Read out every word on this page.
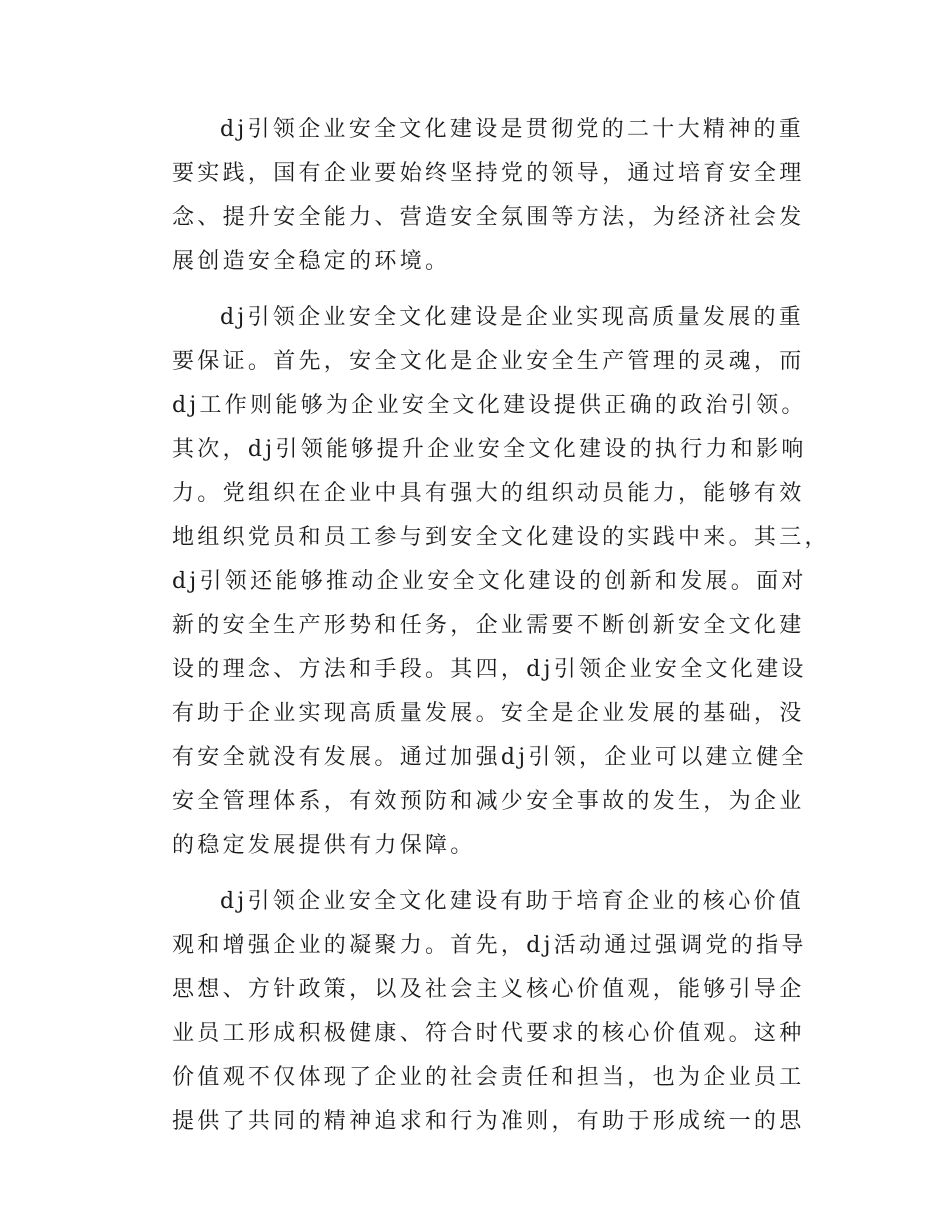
dj引领企业安全文化建设是贯彻党的二十大精神的重
要实践，国有企业要始终坚持党的领导，通过培育安全理
念、提升安全能力、营造安全氛围等方法，为经济社会发
展创造安全稳定的环境。

dj引领企业安全文化建设是企业实现高质量发展的重
要保证。首先，安全文化是企业安全生产管理的灵魂，而
dj工作则能够为企业安全文化建设提供正确的政治引领。
其次，dj引领能够提升企业安全文化建设的执行力和影响
力。党组织在企业中具有强大的组织动员能力，能够有效
地组织党员和员工参与到安全文化建设的实践中来。其三，
dj引领还能够推动企业安全文化建设的创新和发展。面对
新的安全生产形势和任务，企业需要不断创新安全文化建
设的理念、方法和手段。其四，dj引领企业安全文化建设
有助于企业实现高质量发展。安全是企业发展的基础，没
有安全就没有发展。通过加强dj引领，企业可以建立健全
安全管理体系，有效预防和减少安全事故的发生，为企业
的稳定发展提供有力保障。

dj引领企业安全文化建设有助于培育企业的核心价值
观和增强企业的凝聚力。首先，dj活动通过强调党的指导
思想、方针政策，以及社会主义核心价值观，能够引导企
业员工形成积极健康、符合时代要求的核心价值观。这种
价值观不仅体现了企业的社会责任和担当，也为企业员工
提供了共同的精神追求和行为准则，有助于形成统一的思
